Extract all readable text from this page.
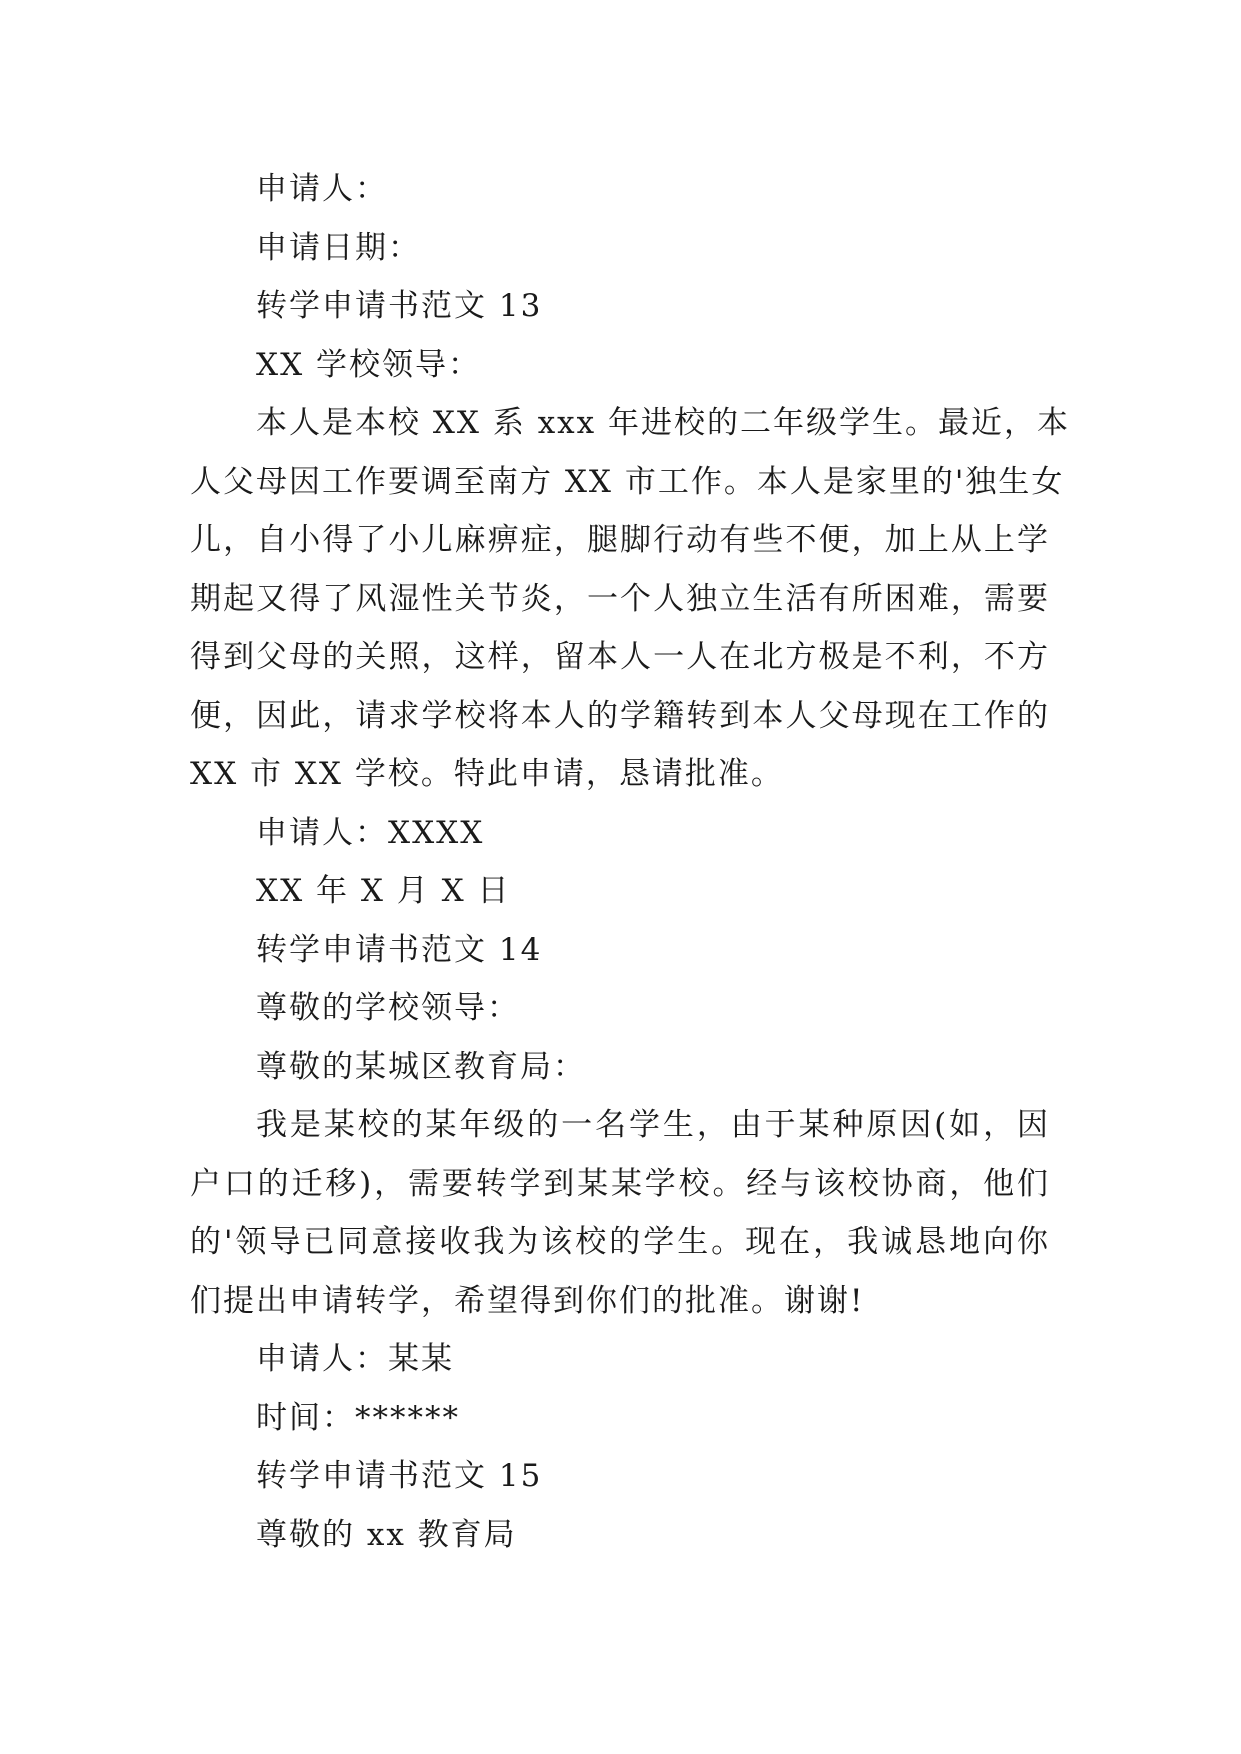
申请人：

申请日期：

转学申请书范文 13

XX 学校领导：

本人是本校 XX 系 xxx 年进校的二年级学生。最近，本
人父母因工作要调至南方 XX 市工作。本人是家里的'独生女
儿，自小得了小儿麻痹症，腿脚行动有些不便，加上从上学
期起又得了风湿性关节炎，一个人独立生活有所困难，需要
得到父母的关照，这样，留本人一人在北方极是不利，不方
便，因此，请求学校将本人的学籍转到本人父母现在工作的
XX 市 XX 学校。特此申请，恳请批准。

申请人：XXXX

XX 年 X 月 X 日

转学申请书范文 14

尊敬的学校领导：

尊敬的某城区教育局：

我是某校的某年级的一名学生，由于某种原因(如，因
户口的迁移)，需要转学到某某学校。经与该校协商，他们
的'领导已同意接收我为该校的学生。现在，我诚恳地向你
们提出申请转学，希望得到你们的批准。谢谢!

申请人：某某

时间：******

转学申请书范文 15

尊敬的 xx 教育局
